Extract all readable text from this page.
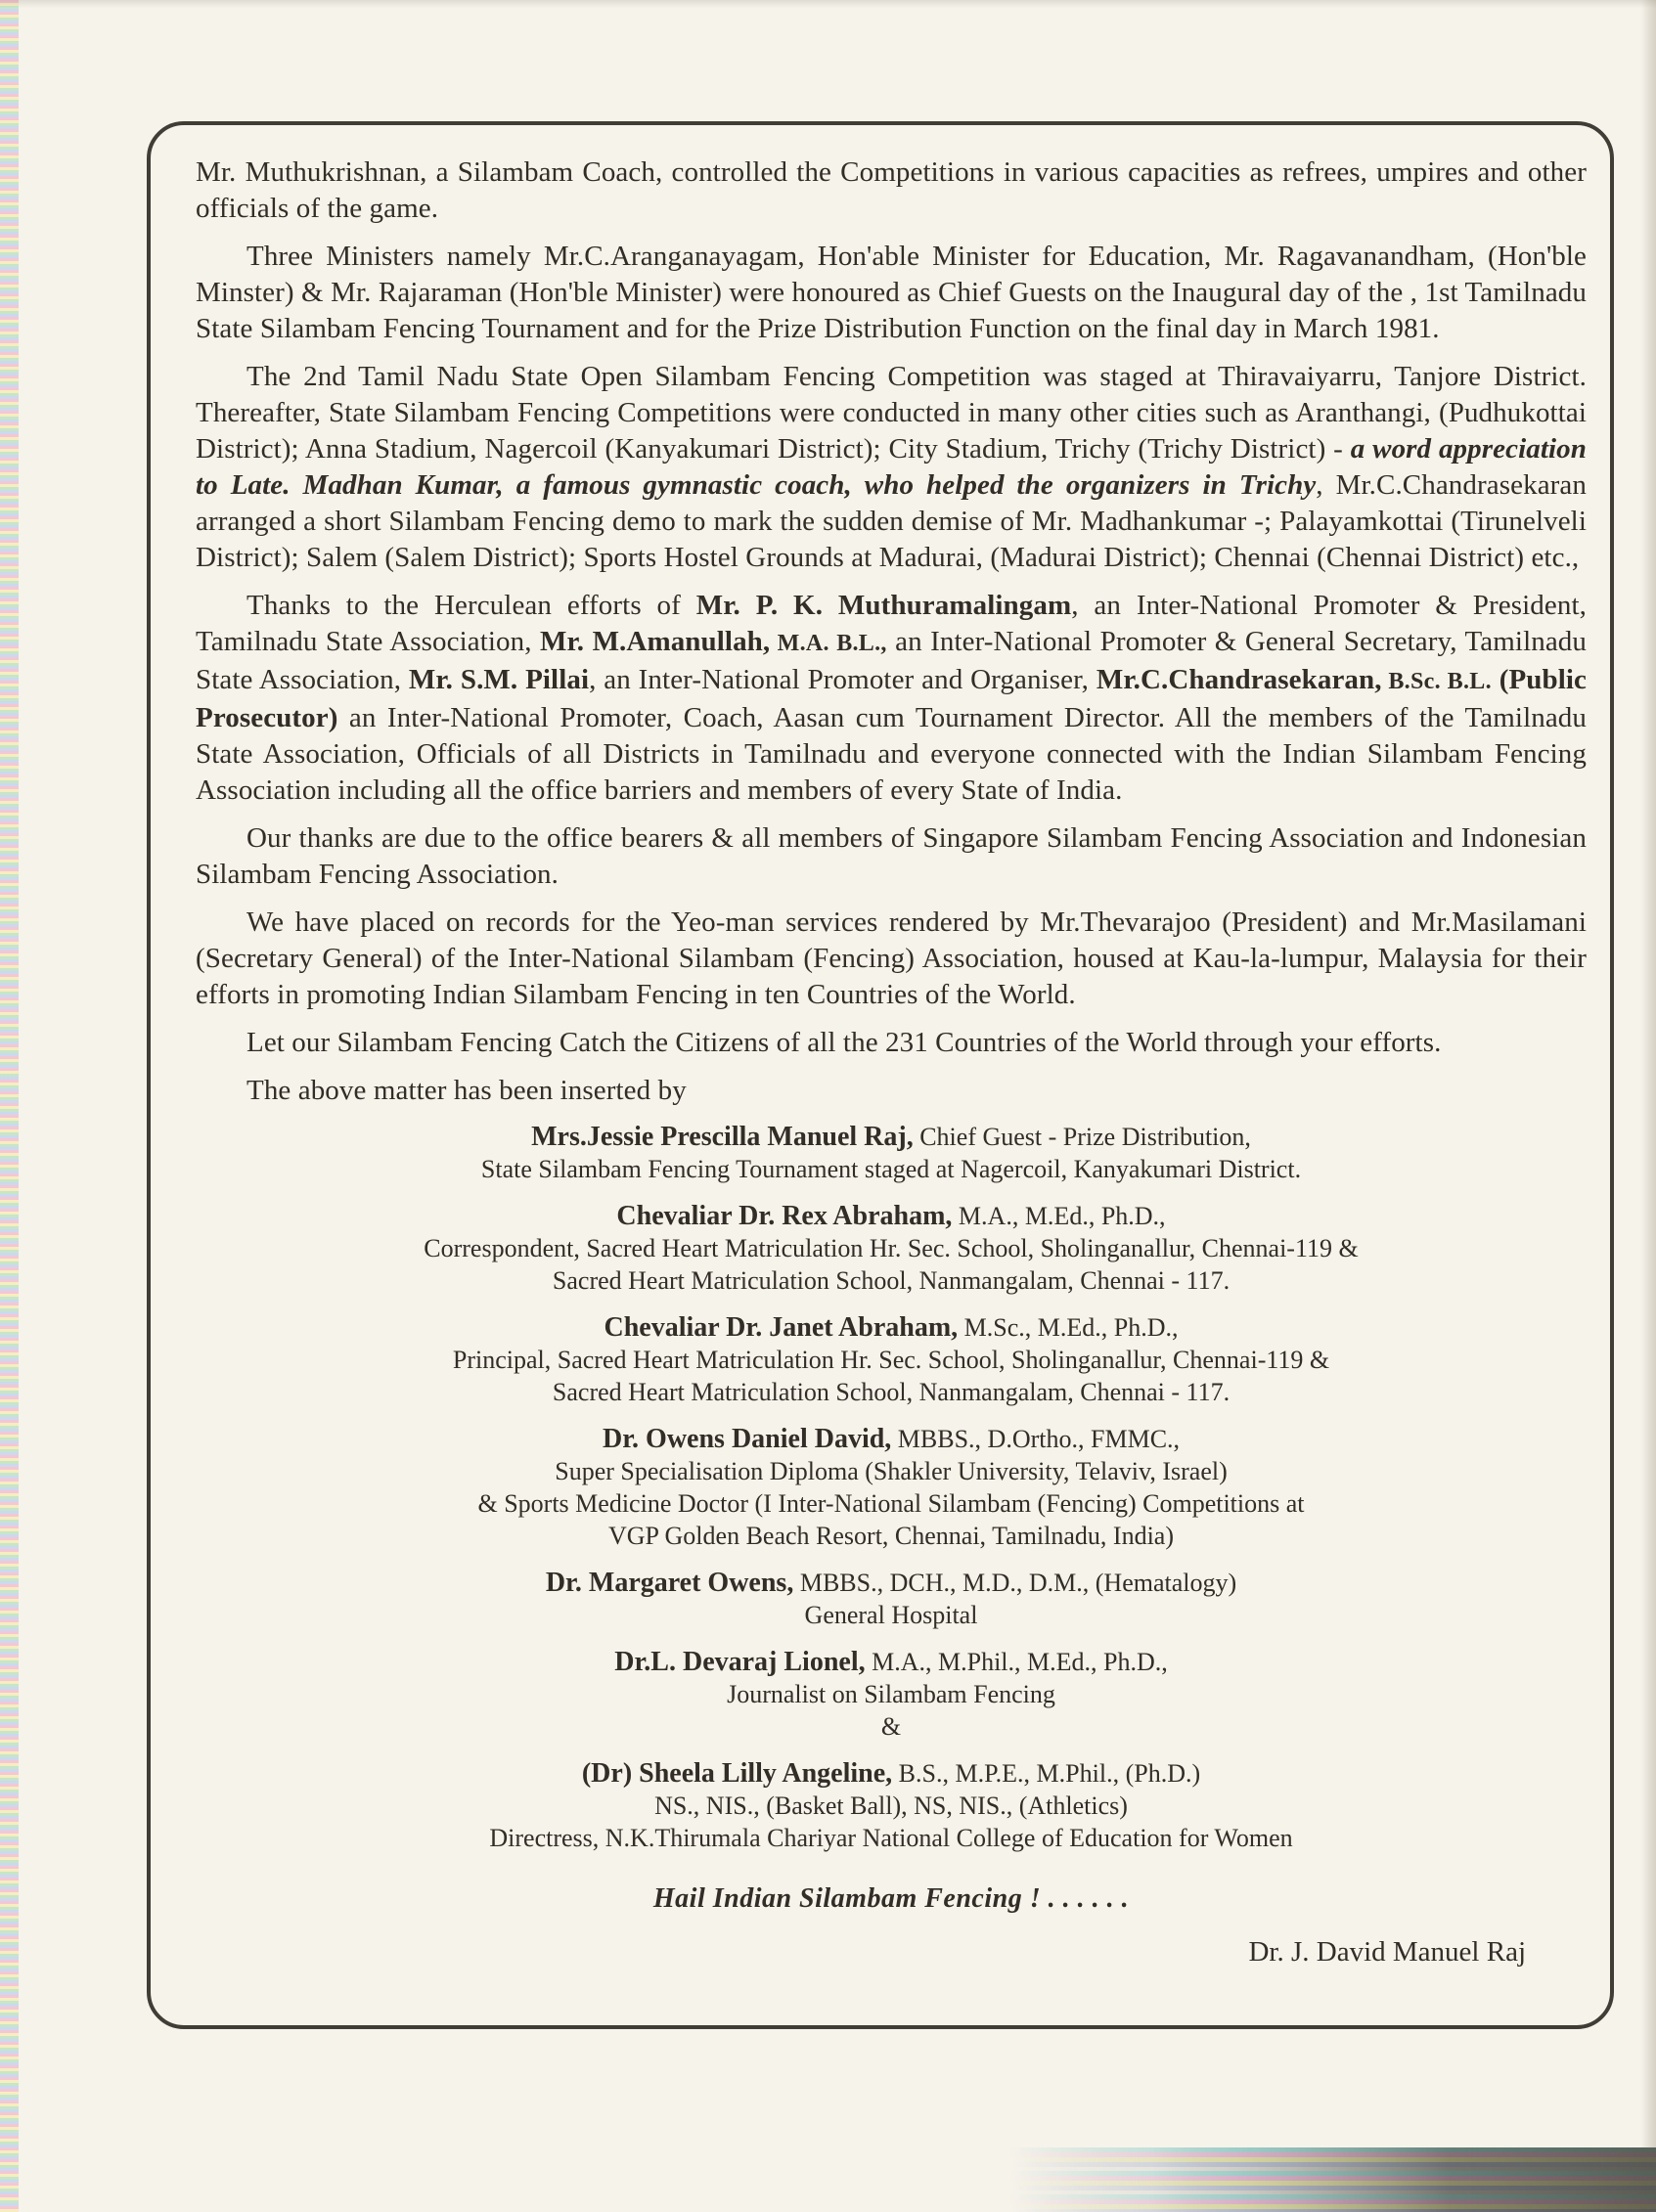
Mr. Muthukrishnan, a Silambam Coach, controlled the Competitions in various capacities as refrees, umpires and other officials of the game.

Three Ministers namely Mr.C.Aranganayagam, Hon'able Minister for Education, Mr. Ragavanandham, (Hon'ble Minster) & Mr. Rajaraman (Hon'ble Minister) were honoured as Chief Guests on the Inaugural day of the , 1st Tamilnadu State Silambam Fencing Tournament and for the Prize Distribution Function on the final day in March 1981.

The 2nd Tamil Nadu State Open Silambam Fencing Competition was staged at Thiravaiyarru, Tanjore District. Thereafter, State Silambam Fencing Competitions were conducted in many other cities such as Aranthangi, (Pudhukottai District); Anna Stadium, Nagercoil (Kanyakumari District); City Stadium, Trichy (Trichy District) - a word appreciation to Late. Madhan Kumar, a famous gymnastic coach, who helped the organizers in Trichy, Mr.C.Chandrasekaran arranged a short Silambam Fencing demo to mark the sudden demise of Mr. Madhankumar -; Palayamkottai (Tirunelveli District); Salem (Salem District); Sports Hostel Grounds at Madurai, (Madurai District); Chennai (Chennai District) etc.,

Thanks to the Herculean efforts of Mr. P. K. Muthuramalingam, an Inter-National Promoter & President, Tamilnadu State Association, Mr. M.Amanullah, M.A. B.L., an Inter-National Promoter & General Secretary, Tamilnadu State Association, Mr. S.M. Pillai, an Inter-National Promoter and Organiser, Mr.C.Chandrasekaran, B.Sc. B.L. (Public Prosecutor) an Inter-National Promoter, Coach, Aasan cum Tournament Director. All the members of the Tamilnadu State Association, Officials of all Districts in Tamilnadu and everyone connected with the Indian Silambam Fencing Association including all the office barriers and members of every State of India.

Our thanks are due to the office bearers & all members of Singapore Silambam Fencing Association and Indonesian Silambam Fencing Association.

We have placed on records for the Yeo-man services rendered by Mr.Thevarajoo (President) and Mr.Masilamani (Secretary General) of the Inter-National Silambam (Fencing) Association, housed at Kau-la-lumpur, Malaysia for their efforts in promoting Indian Silambam Fencing in ten Countries of the World.

Let our Silambam Fencing Catch the Citizens of all the 231 Countries of the World through your efforts.

The above matter has been inserted by

Mrs.Jessie Prescilla Manuel Raj, Chief Guest - Prize Distribution,
State Silambam Fencing Tournament staged at Nagercoil, Kanyakumari District.
Chevaliar Dr. Rex Abraham, M.A., M.Ed., Ph.D.,
Correspondent, Sacred Heart Matriculation Hr. Sec. School, Sholinganallur, Chennai-119 &
Sacred Heart Matriculation School, Nanmangalam, Chennai - 117.
Chevaliar Dr. Janet Abraham, M.Sc., M.Ed., Ph.D.,
Principal, Sacred Heart Matriculation Hr. Sec. School, Sholinganallur, Chennai-119 &
Sacred Heart Matriculation School, Nanmangalam, Chennai - 117.
Dr. Owens Daniel David, MBBS., D.Ortho., FMMC.,
Super Specialisation Diploma (Shakler University, Telaviv, Israel)
& Sports Medicine Doctor (I Inter-National Silambam (Fencing) Competitions at
VGP Golden Beach Resort, Chennai, Tamilnadu, India)
Dr. Margaret Owens, MBBS., DCH., M.D., D.M., (Hematalogy)
General Hospital
Dr.L. Devaraj Lionel, M.A., M.Phil., M.Ed., Ph.D.,
Journalist on Silambam Fencing
&
(Dr) Sheela Lilly Angeline, B.S., M.P.E., M.Phil., (Ph.D.)
NS., NIS., (Basket Ball), NS, NIS., (Athletics)
Directress, N.K.Thirumala Chariyar National College of Education for Women
Hail Indian Silambam Fencing ! . . . . . .
Dr. J. David Manuel Raj
